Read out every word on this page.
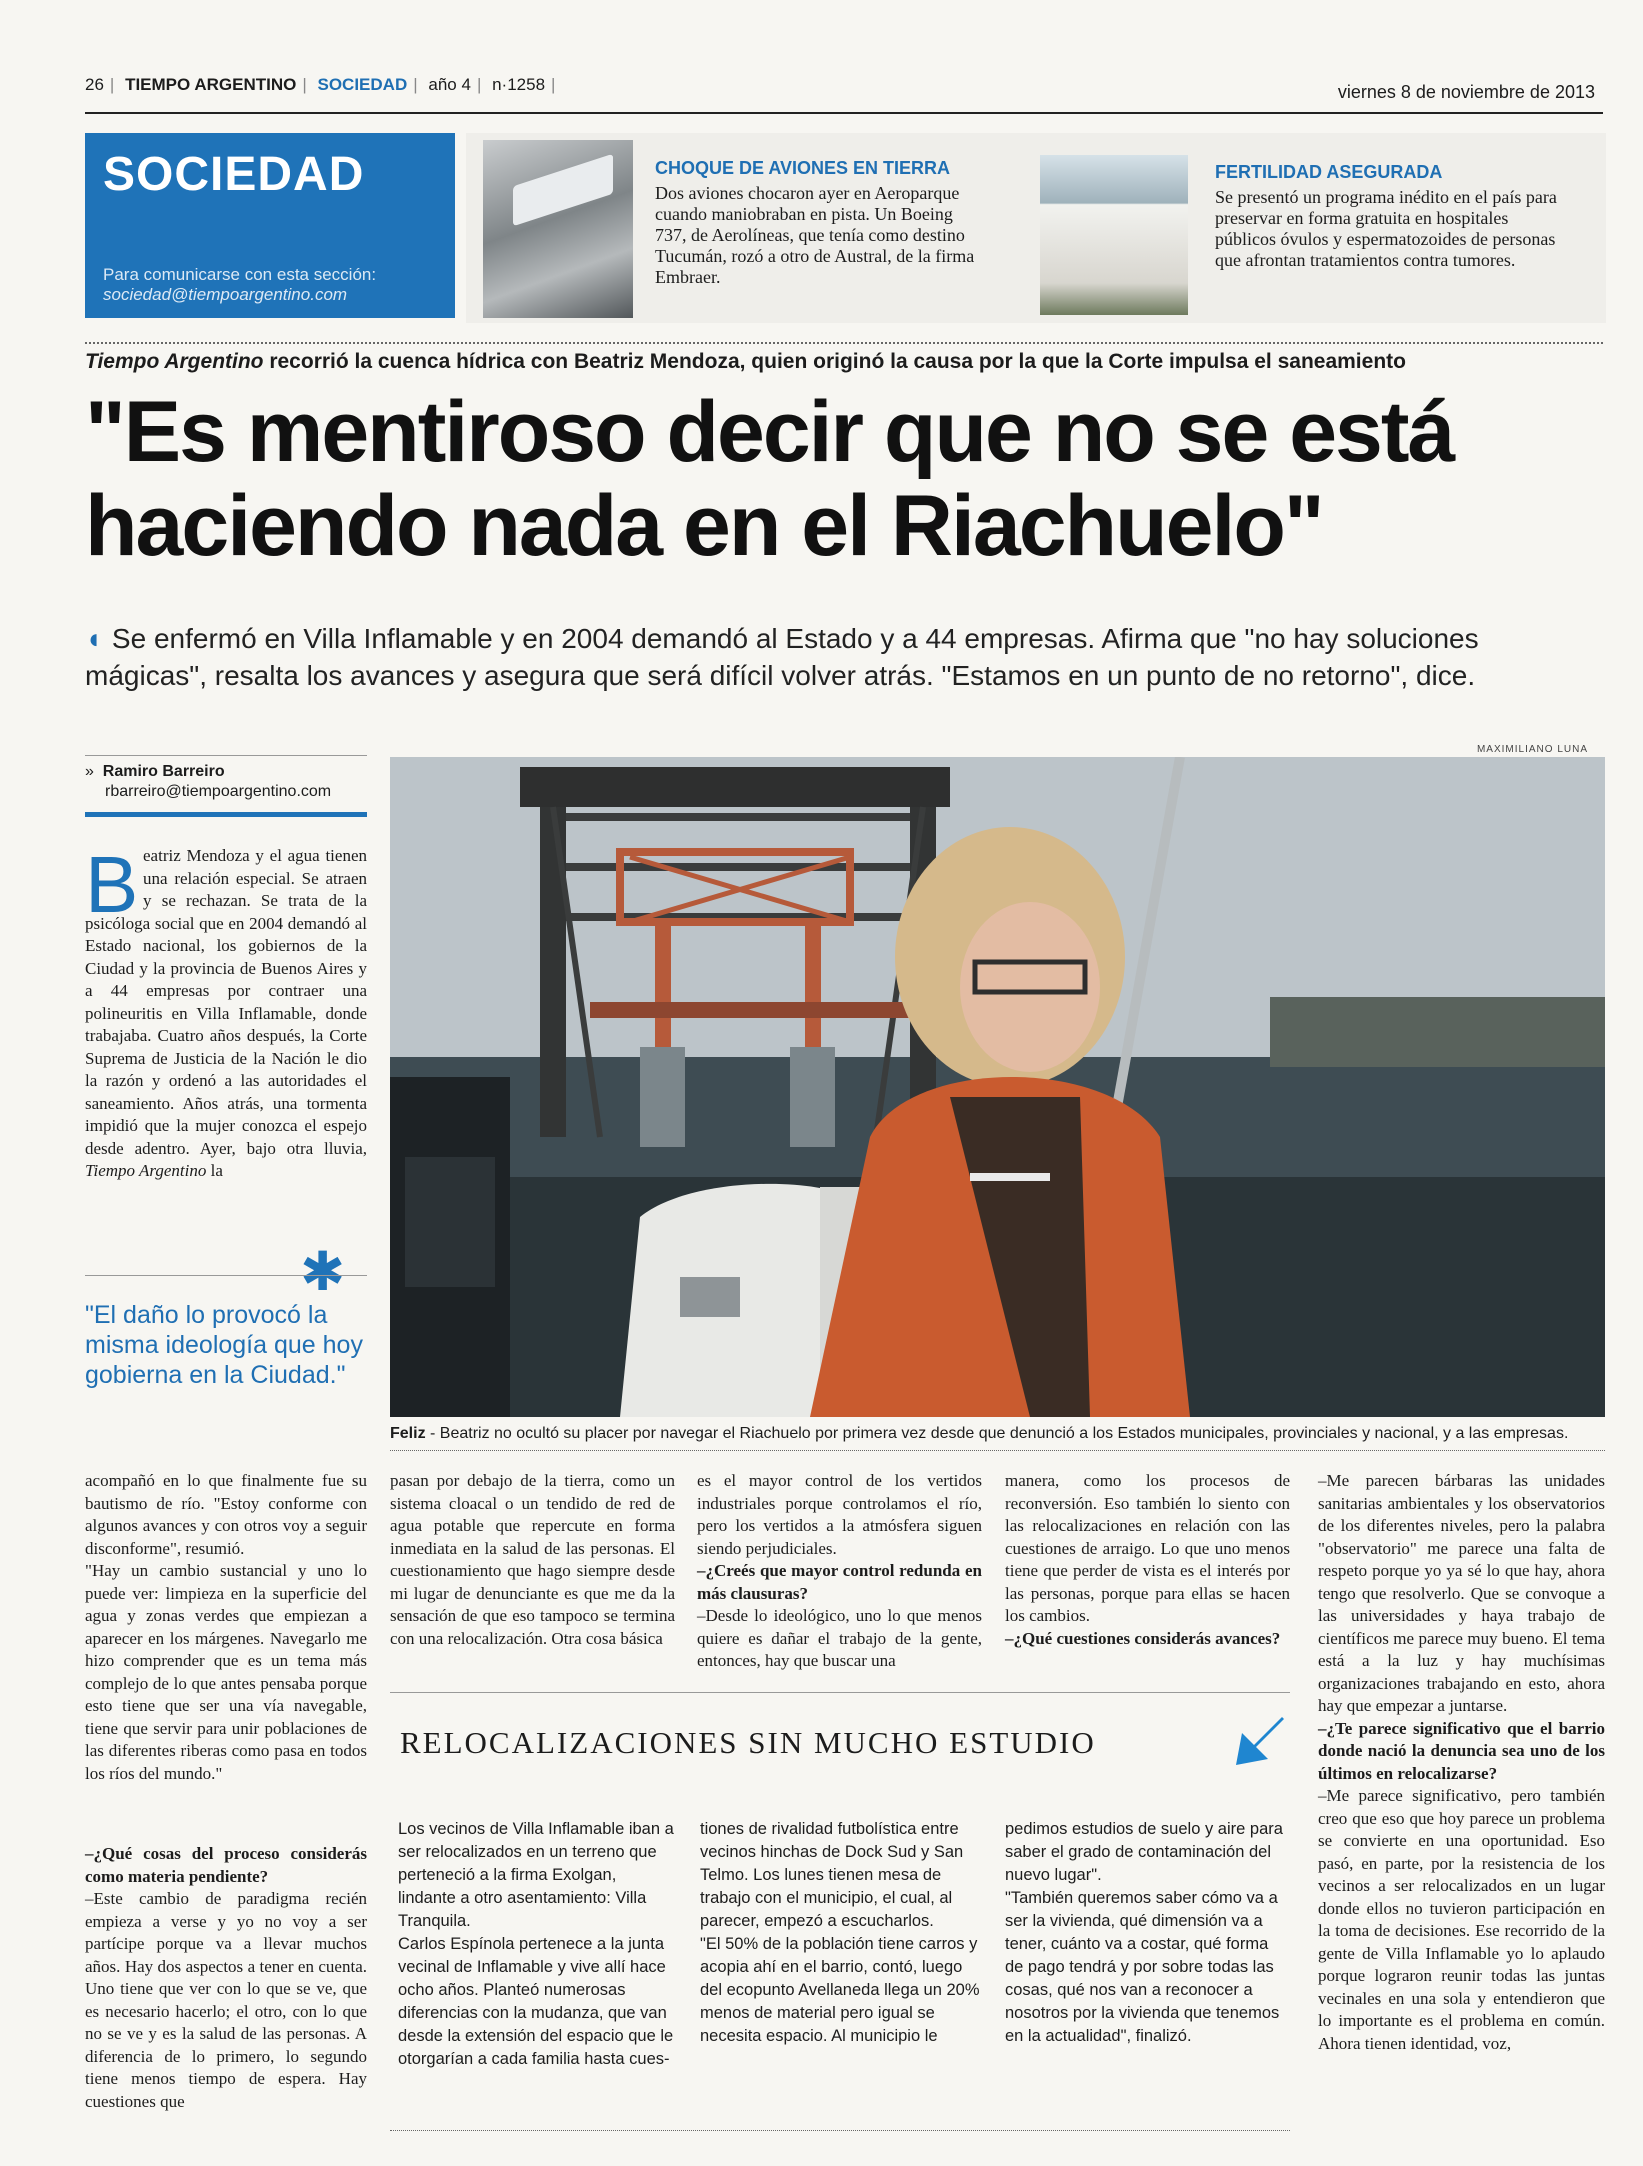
26 | TIEMPO ARGENTINO | SOCIEDAD | año 4 | n·1258 |	viernes 8 de noviembre de 2013
SOCIEDAD
Para comunicarse con esta sección:
sociedad@tiempoargentino.com
CHOQUE DE AVIONES EN TIERRA
Dos aviones chocaron ayer en Aeroparque cuando maniobraban en pista. Un Boeing 737, de Aerolíneas, que tenía como destino Tucumán, rozó a otro de Austral, de la firma Embraer.
FERTILIDAD ASEGURADA
Se presentó un programa inédito en el país para preservar en forma gratuita en hospitales públicos óvulos y espermatozoides de personas que afrontan tratamientos contra tumores.
Tiempo Argentino recorrió la cuenca hídrica con Beatriz Mendoza, quien originó la causa por la que la Corte impulsa el saneamiento
"Es mentiroso decir que no se está haciendo nada en el Riachuelo"
◖ Se enfermó en Villa Inflamable y en 2004 demandó al Estado y a 44 empresas. Afirma que "no hay soluciones mágicas", resalta los avances y asegura que será difícil volver atrás. "Estamos en un punto de no retorno", dice.
»  Ramiro Barreiro
rbarreiro@tiempoargentino.com
MAXIMILIANO LUNA
B eatriz Mendoza y el agua tienen una relación especial. Se atraen y se rechazan. Se trata de la psicóloga social que en 2004 demandó al Estado nacional, los gobiernos de la Ciudad y la provincia de Buenos Aires y a 44 empresas por contraer una polineuritis en Villa Inflamable, donde trabajaba. Cuatro años después, la Corte Suprema de Justicia de la Nación le dio la razón y ordenó a las autoridades el saneamiento. Años atrás, una tormenta impidió que la mujer conozca el espejo desde adentro. Ayer, bajo otra lluvia, Tiempo Argentino la
✱
"El daño lo provocó la misma ideología que hoy gobierna en la Ciudad."
Feliz - Beatriz no ocultó su placer por navegar el Riachuelo por primera vez desde que denunció a los Estados municipales, provinciales y nacional, y a las empresas.
acompañó en lo que finalmente fue su bautismo de río. "Estoy conforme con algunos avances y con otros voy a seguir disconforme", resumió.
"Hay un cambio sustancial y uno lo puede ver: limpieza en la superficie del agua y zonas verdes que empiezan a aparecer en los márgenes. Navegarlo me hizo comprender que es un tema más complejo de lo que antes pensaba porque esto tiene que ser una vía navegable, tiene que servir para unir poblaciones de las diferentes riberas como pasa en todos los ríos del mundo."
–¿Qué cosas del proceso considerás como materia pendiente?
–Este cambio de paradigma recién empieza a verse y yo no voy a ser partícipe porque va a llevar muchos años. Hay dos aspectos a tener en cuenta. Uno tiene que ver con lo que se ve, que es necesario hacerlo; el otro, con lo que no se ve y es la salud de las personas. A diferencia de lo primero, lo segundo tiene menos tiempo de espera. Hay cuestiones que
pasan por debajo de la tierra, como un sistema cloacal o un tendido de red de agua potable que repercute en forma inmediata en la salud de las personas. El cuestionamiento que hago siempre desde mi lugar de denunciante es que me da la sensación de que eso tampoco se termina con una relocalización. Otra cosa básica
es el mayor control de los vertidos industriales porque controlamos el río, pero los vertidos a la atmósfera siguen siendo perjudiciales.
–¿Creés que mayor control redunda en más clausuras?
–Desde lo ideológico, uno lo que menos quiere es dañar el trabajo de la gente, entonces, hay que buscar una
manera, como los procesos de reconversión. Eso también lo siento con las relocalizaciones en relación con las cuestiones de arraigo. Lo que uno menos tiene que perder de vista es el interés por las personas, porque para ellas se hacen los cambios.
–¿Qué cuestiones considerás avances?
–Me parecen bárbaras las unidades sanitarias ambientales y los observatorios de los diferentes niveles, pero la palabra "observatorio" me parece una falta de respeto porque yo ya sé lo que hay, ahora tengo que resolverlo. Que se convoque a las universidades y haya trabajo de científicos me parece muy bueno. El tema está a la luz y hay muchísimas organizaciones trabajando en esto, ahora hay que empezar a juntarse.
–¿Te parece significativo que el barrio donde nació la denuncia sea uno de los últimos en relocalizarse?
–Me parece significativo, pero también creo que eso que hoy parece un problema se convierte en una oportunidad. Eso pasó, en parte, por la resistencia de los vecinos a ser relocalizados en un lugar donde ellos no tuvieron participación en la toma de decisiones. Ese recorrido de la gente de Villa Inflamable yo lo aplaudo porque lograron reunir todas las juntas vecinales en una sola y entendieron que lo importante es el problema en común. Ahora tienen identidad, voz,
RELOCALIZACIONES SIN MUCHO ESTUDIO
Los vecinos de Villa Inflamable iban a ser relocalizados en un terreno que perteneció a la firma Exolgan, lindante a otro asentamiento: Villa Tranquila.
Carlos Espínola pertenece a la junta vecinal de Inflamable y vive allí hace ocho años. Planteó numerosas diferencias con la mudanza, que van desde la extensión del espacio que le otorgarían a cada familia hasta cues-
tiones de rivalidad futbolística entre vecinos hinchas de Dock Sud y San Telmo. Los lunes tienen mesa de trabajo con el municipio, el cual, al parecer, empezó a escucharlos.
"El 50% de la población tiene carros y acopia ahí en el barrio, contó, luego del ecopunto Avellaneda llega un 20% menos de material pero igual se necesita espacio. Al municipio le
pedimos estudios de suelo y aire para saber el grado de contaminación del nuevo lugar".
"También queremos saber cómo va a ser la vivienda, qué dimensión va a tener, cuánto va a costar, qué forma de pago tendrá y por sobre todas las cosas, qué nos van a reconocer a nosotros por la vivienda que tenemos en la actualidad", finalizó.
